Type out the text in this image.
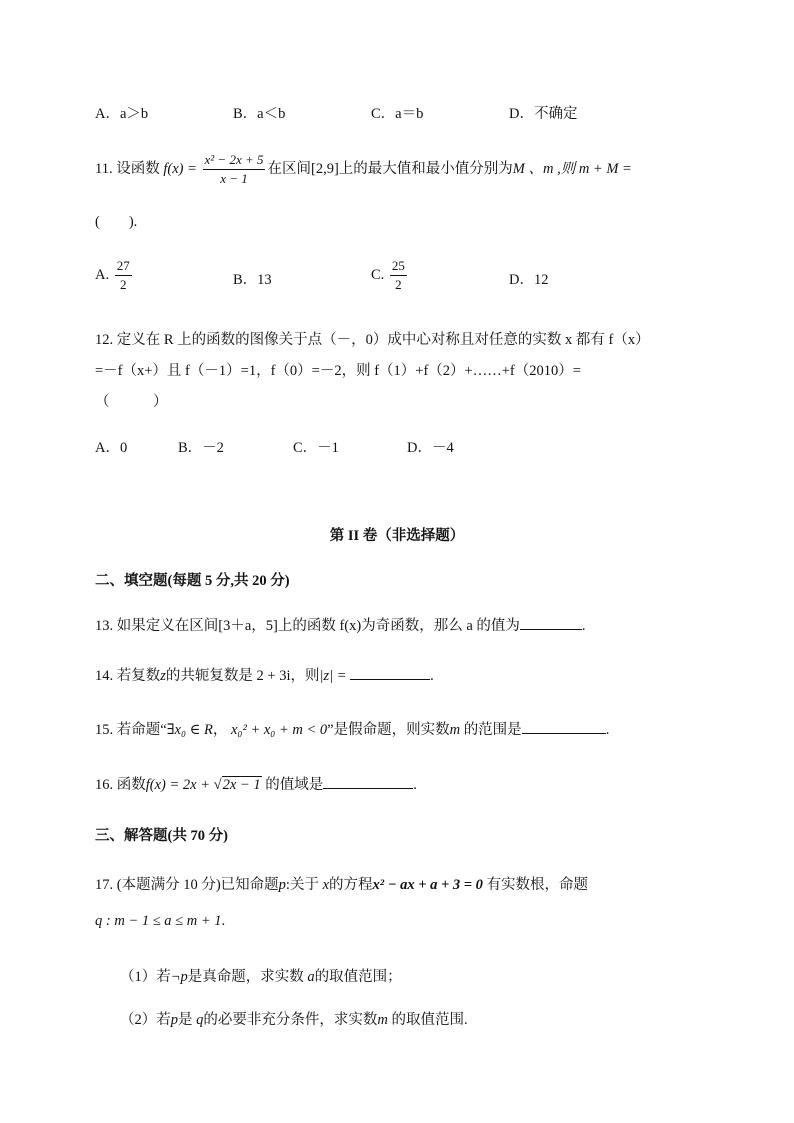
A．a＞b	B．a＜b	C．a＝b	D．不确定
11. 设函数 $f(x) = \frac{\text{x² − 2x + 5}}{x - 1}$ 在区间[2,9]上的最大值和最小值分别为M 、m ,则 m + M =
(　　).
A. $\frac{27}{2}$	B．13	C. $\frac{25}{2}$	D．12
12. 定义在 R 上的函数的图像关于点（－，0）成中心对称且对任意的实数 x 都有 f（x）
=－f（x+）且 f（－1）=1，f（0）=－2，则 f（1）+f（2）+……+f（2010）=
（　　　）
A．0	B．－2	C．－1	D．－4
第 II 卷（非选择题）
二、填空题(每题 5 分,共 20 分)
13. 如果定义在区间[3＋a，5]上的函数 f(x)为奇函数，那么 a 的值为	.
14. 若复数z的共轭复数是 2 + 3i，则|z| =	.
15. 若命题“∃x₀ ∈ R， x₀² + x₀ + m < 0”是假命题，则实数m 的范围是	.
16. 函数f(x) = 2x + √2x − 1 的值域是	.
三、解答题(共 70 分)
17. (本题满分 10 分)已知命题p:关于 x的方程x² − ax + a + 3 = 0 有实数根，命题
q : m − 1 ≤ a ≤ m + 1.
（1）若¬p是真命题，求实数 a的取值范围；
（2）若p是 q的必要非充分条件，求实数m 的取值范围.
